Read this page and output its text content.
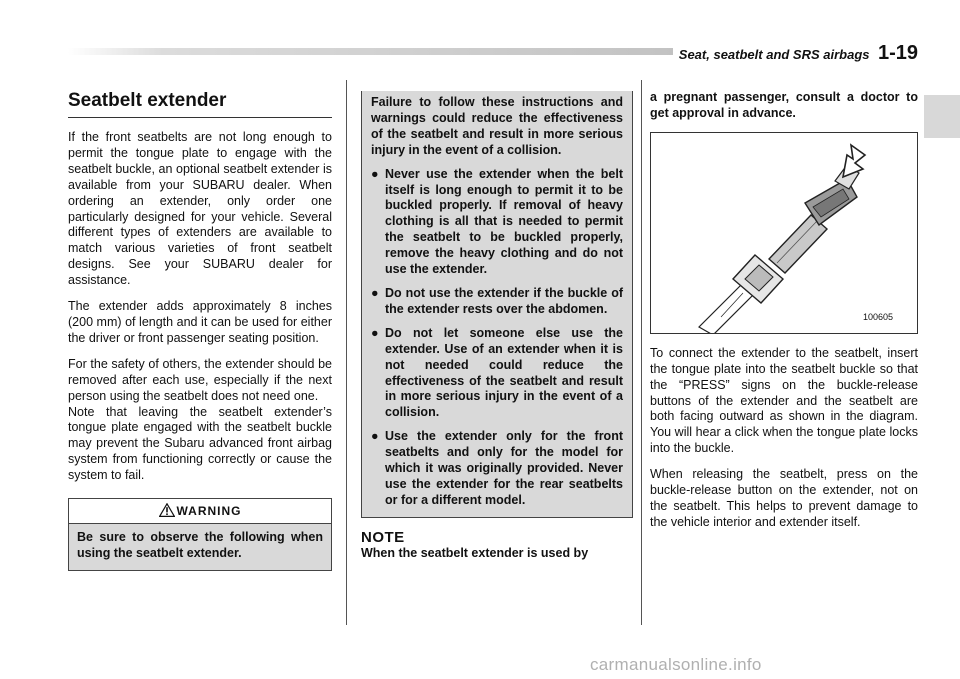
Seat, seatbelt and SRS airbags 1-19
Seatbelt extender

If the front seatbelts are not long enough to permit the tongue plate to engage with the seatbelt buckle, an optional seatbelt extender is available from your SUBARU dealer. When ordering an extender, only order one particularly designed for your vehicle. Several different types of extenders are available to match various varieties of front seatbelt designs. See your SUBARU dealer for assistance.

The extender adds approximately 8 inches (200 mm) of length and it can be used for either the driver or front passenger seating position.

For the safety of others, the extender should be removed after each use, especially if the next person using the seatbelt does not need one.

Note that leaving the seatbelt extender’s tongue plate engaged with the seatbelt buckle may prevent the Subaru advanced front airbag system from functioning correctly or cause the system to fail.

WARNING
Be sure to observe the following when using the seatbelt extender.

Failure to follow these instructions and warnings could reduce the effectiveness of the seatbelt and result in more serious injury in the event of a collision.

● Never use the extender when the belt itself is long enough to permit it to be buckled properly. If removal of heavy clothing is all that is needed to permit the seatbelt to be buckled properly, remove the heavy clothing and do not use the extender.
● Do not use the extender if the buckle of the extender rests over the abdomen.
● Do not let someone else use the extender. Use of an extender when it is not needed could reduce the effectiveness of the seatbelt and result in more serious injury in the event of a collision.
● Use the extender only for the front seatbelts and only for the model for which it was originally provided. Never use the extender for the rear seatbelts or for a different model.
NOTE

When the seatbelt extender is used by

a pregnant passenger, consult a doctor to get approval in advance.

100605

To connect the extender to the seatbelt, insert the tongue plate into the seatbelt buckle so that the “PRESS” signs on the buckle-release buttons of the extender and the seatbelt are both facing outward as shown in the diagram. You will hear a click when the tongue plate locks into the buckle.

When releasing the seatbelt, press on the buckle-release button on the extender, not on the seatbelt. This helps to prevent damage to the vehicle interior and extender itself.

carmanualsonline.info
